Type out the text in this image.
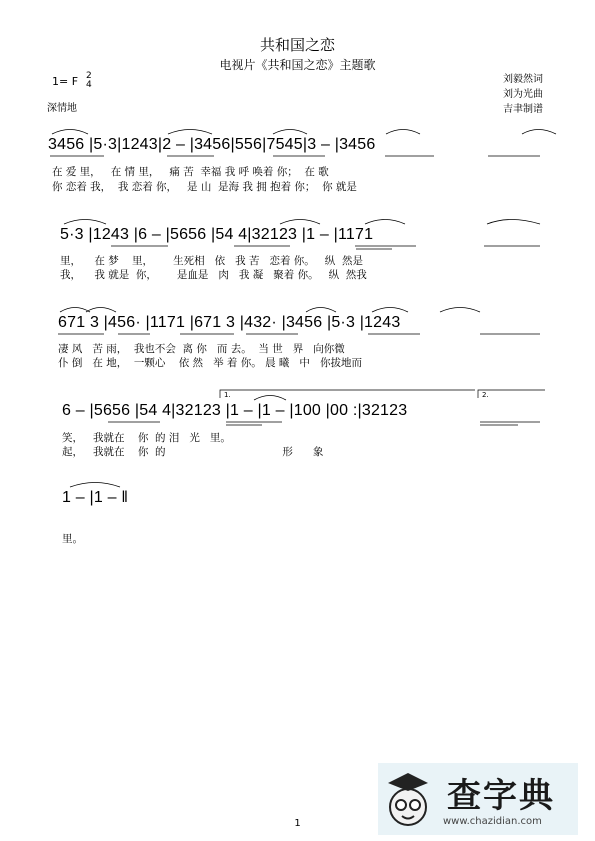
共和国之恋
电视片《共和国之恋》主题歌
1= F 2
4
深情地
刘毅然词
刘为光曲
吉聿制谱
3456 |5·3|1243|2 – |3456|556|7545|3 – |3456
在 爱 里，   在 情 里，   痛 苦  幸福 我 呼 唤着 你；  在 歌
你 恋着 我，  我 恋着 你，   是 山  是海 我 拥 抱着 你；  你 就是
5·3 |1243 |6 – |5656 |54 4|32123 |1 – |1171
里，    在 梦    里，      生死相   依   我 苦   恋着 你。   纵  然是
我，    我 就是  你，      是血是   肉   我 凝   聚着 你。   纵  然我
671 3 |456· |1171 |671 3 |432· |3456 |5·3 |1243
凄 风   苦 雨，  我也不会  离 你   而 去。  当 世   界   向你微
仆 倒   在 地，  一颗心    依 然   举 着 你。 晨 曦   中   你拔地而
6 – |5656 |54 4|32123 |1 – |1 – |100 |00 :|32123
笑，   我就在    你  的 泪   光   里。
起，   我就在    你  的                                   形      象
1 – |1 – ‖
里。
1.	2.
1
查字典
www.chazidian.com
